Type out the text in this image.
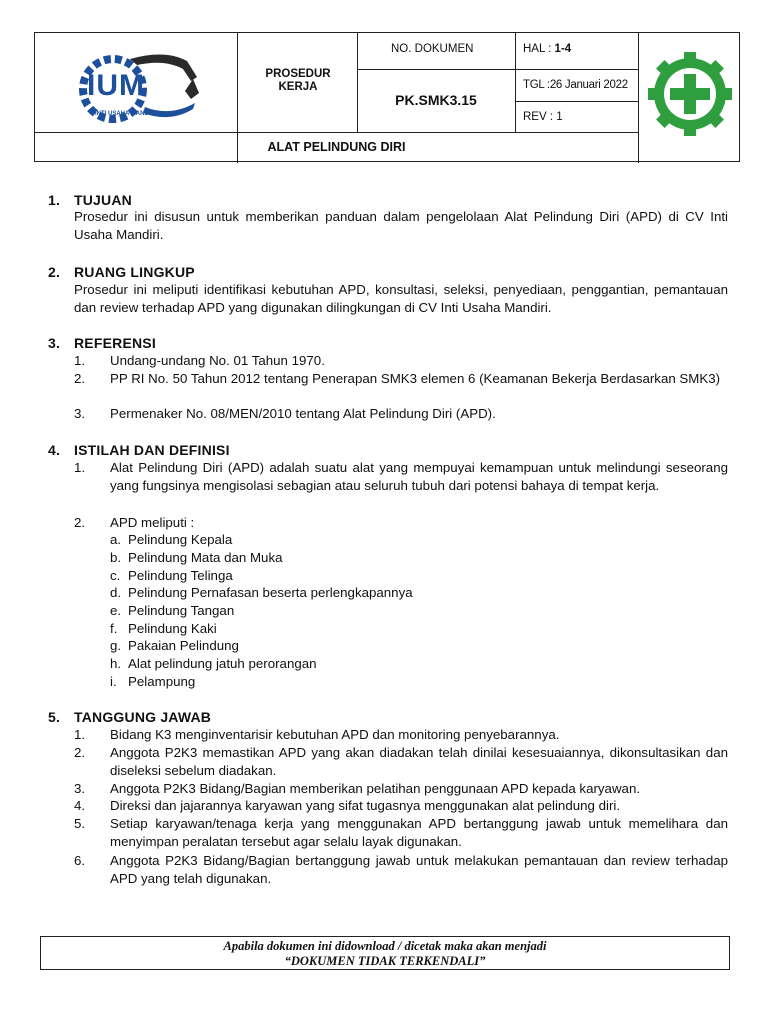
IUM
INTI USAHA MANDIRI
PROSEDUR KERJA
NO. DOKUMEN
PK.SMK3.15
HAL : 1-4
TGL :26 Januari 2022
REV : 1
ALAT PELINDUNG DIRI
1. TUJUAN
Prosedur ini disusun untuk memberikan panduan dalam pengelolaan Alat Pelindung Diri (APD) di CV Inti Usaha Mandiri.
2. RUANG LINGKUP
Prosedur ini meliputi identifikasi kebutuhan APD, konsultasi, seleksi, penyediaan, penggantian, pemantauan dan review terhadap APD yang digunakan dilingkungan di CV Inti Usaha Mandiri.
3. REFERENSI
1. Undang-undang No. 01 Tahun 1970.
2. PP RI No. 50 Tahun 2012 tentang Penerapan SMK3 elemen 6 (Keamanan Bekerja Berdasarkan SMK3)
3. Permenaker No. 08/MEN/2010 tentang Alat Pelindung Diri (APD).
4. ISTILAH DAN DEFINISI
1. Alat Pelindung Diri (APD) adalah suatu alat yang mempuyai kemampuan untuk melindungi seseorang yang fungsinya mengisolasi sebagian atau seluruh tubuh dari potensi bahaya di tempat kerja.
2. APD meliputi :
a. Pelindung Kepala
b. Pelindung Mata dan Muka
c. Pelindung Telinga
d. Pelindung Pernafasan beserta perlengkapannya
e. Pelindung Tangan
f. Pelindung Kaki
g. Pakaian Pelindung
h. Alat pelindung jatuh perorangan
i. Pelampung
5. TANGGUNG JAWAB
1. Bidang K3 menginventarisir kebutuhan APD dan monitoring penyebarannya.
2. Anggota P2K3 memastikan APD yang akan diadakan telah dinilai kesesuaiannya, dikonsultasikan dan diseleksi sebelum diadakan.
3. Anggota P2K3 Bidang/Bagian memberikan pelatihan penggunaan APD kepada karyawan.
4. Direksi dan jajarannya karyawan yang sifat tugasnya menggunakan alat pelindung diri.
5. Setiap karyawan/tenaga kerja yang menggunakan APD bertanggung jawab untuk memelihara dan menyimpan peralatan tersebut agar selalu layak digunakan.
6. Anggota P2K3 Bidang/Bagian bertanggung jawab untuk melakukan pemantauan dan review terhadap APD yang telah digunakan.
Apabila dokumen ini didownload / dicetak maka akan menjadi
“DOKUMEN TIDAK TERKENDALI”
